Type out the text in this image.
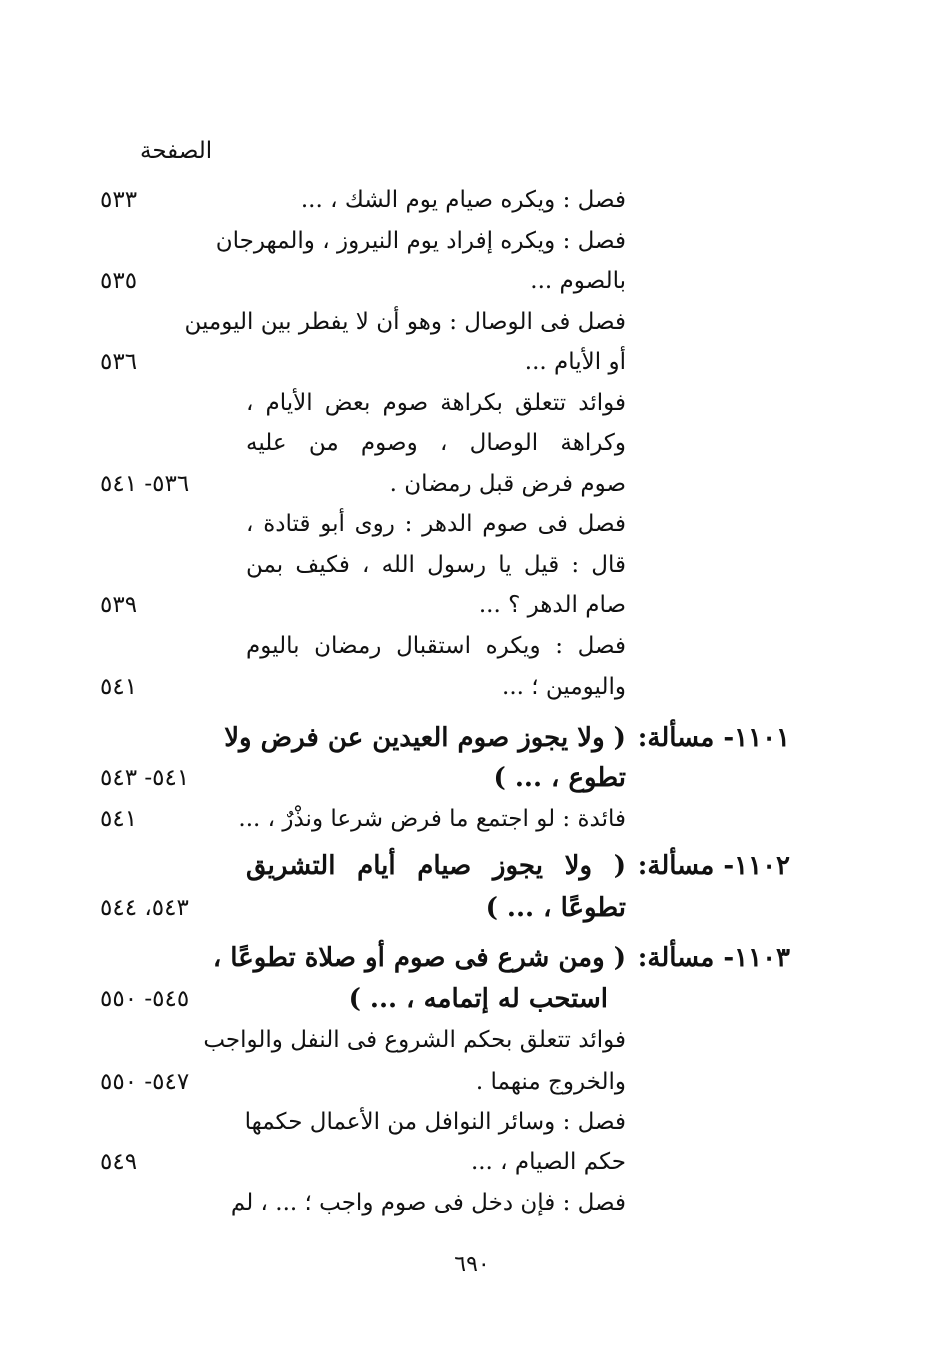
الصفحة
فصل : ويكره صيام يوم الشك ، ...
٥٣٣
فصل : ويكره إفراد يوم النيروز ، والمهرجان
بالصوم ...
٥٣٥
فصل فى الوصال : وهو أن لا يفطر بين اليومين
أو الأيام ...
٥٣٦
فوائد تتعلق بكراهة صوم بعض الأيام ،
وكراهة الوصال ، وصوم من عليه
صوم فرض قبل رمضان .
٥٣٦- ٥٤١
فصل فى صوم الدهر : روى أبو قتادة ،
قال : قيل يا رسول الله ، فكيف بمن
صام الدهر ؟ ...
٥٣٩
فصل : ويكره استقبال رمضان باليوم
واليومين ؛ ...
٥٤١
١١٠١- مسألة:
( ولا يجوز صوم العيدين عن فرض ولا
تطوع ، ... )
٥٤١- ٥٤٣
فائدة : لو اجتمع ما فرض شرعا ونذْرٌ ، ...
٥٤١
١١٠٢- مسألة:
( ولا يجوز صيام أيام التشريق
تطوعًا ، ... )
٥٤٣، ٥٤٤
١١٠٣- مسألة:
( ومن شرع فى صوم أو صلاة تطوعًا ،
استحب له إتمامه ، ... )
٥٤٥- ٥٥٠
فوائد تتعلق بحكم الشروع فى النفل والواجب
والخروج منهما .
٥٤٧- ٥٥٠
فصل : وسائر النوافل من الأعمال حكمها
حكم الصيام ، ...
٥٤٩
فصل : فإن دخل فى صوم واجب ؛ ... ، لم
٦٩٠
